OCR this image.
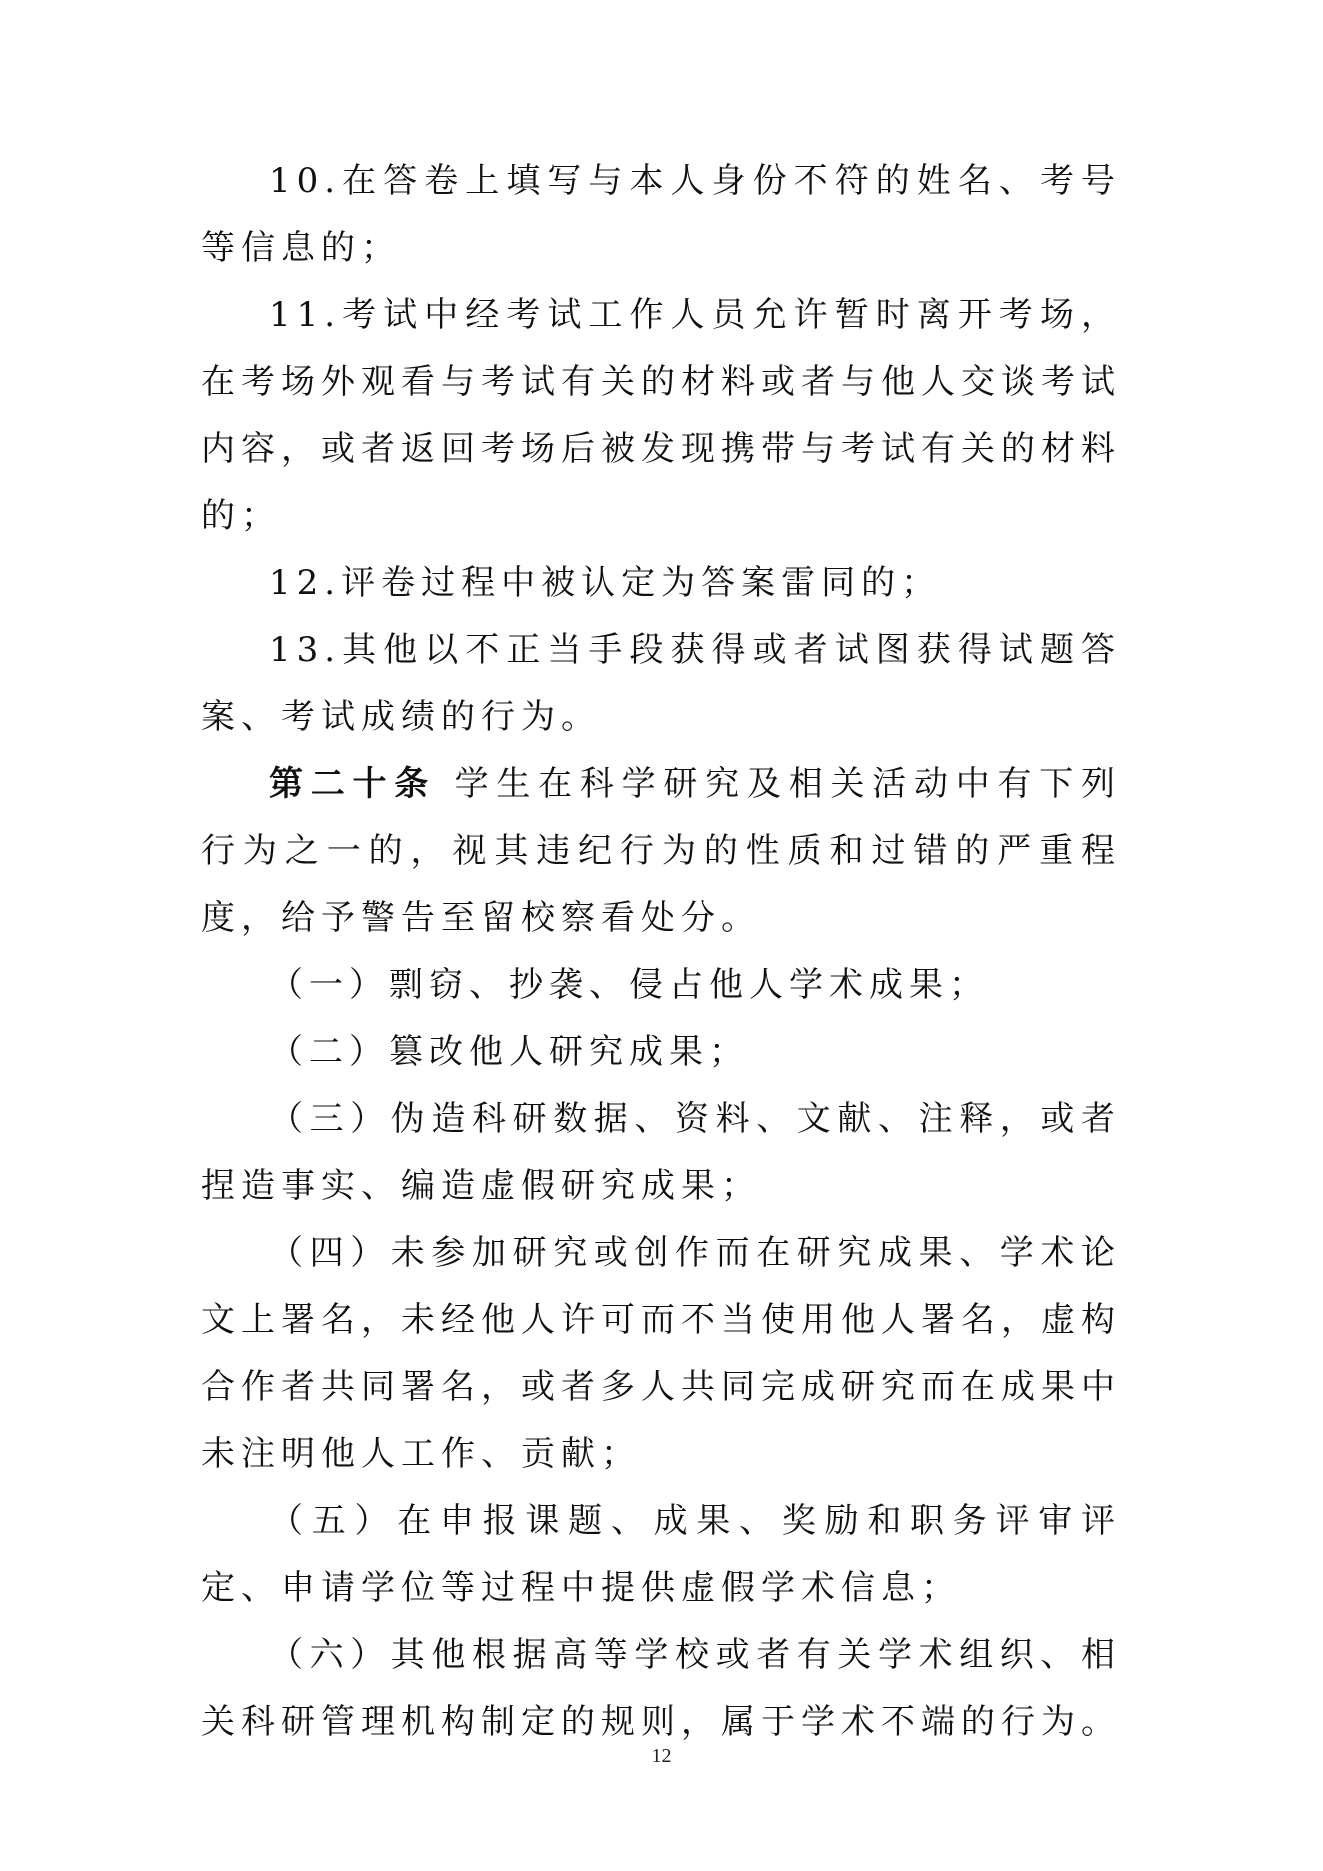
10.在答卷上填写与本人身份不符的姓名、考号等信息的；

11.考试中经考试工作人员允许暂时离开考场，在考场外观看与考试有关的材料或者与他人交谈考试内容，或者返回考场后被发现携带与考试有关的材料的；

12.评卷过程中被认定为答案雷同的；

13.其他以不正当手段获得或者试图获得试题答案、考试成绩的行为。

第二十条 学生在科学研究及相关活动中有下列行为之一的，视其违纪行为的性质和过错的严重程度，给予警告至留校察看处分。

（一）剽窃、抄袭、侵占他人学术成果；

（二）篡改他人研究成果；

（三）伪造科研数据、资料、文献、注释，或者捏造事实、编造虚假研究成果；

（四）未参加研究或创作而在研究成果、学术论文上署名，未经他人许可而不当使用他人署名，虚构合作者共同署名，或者多人共同完成研究而在成果中未注明他人工作、贡献；

（五）在申报课题、成果、奖励和职务评审评定、申请学位等过程中提供虚假学术信息；

（六）其他根据高等学校或者有关学术组织、相关科研管理机构制定的规则，属于学术不端的行为。

12
